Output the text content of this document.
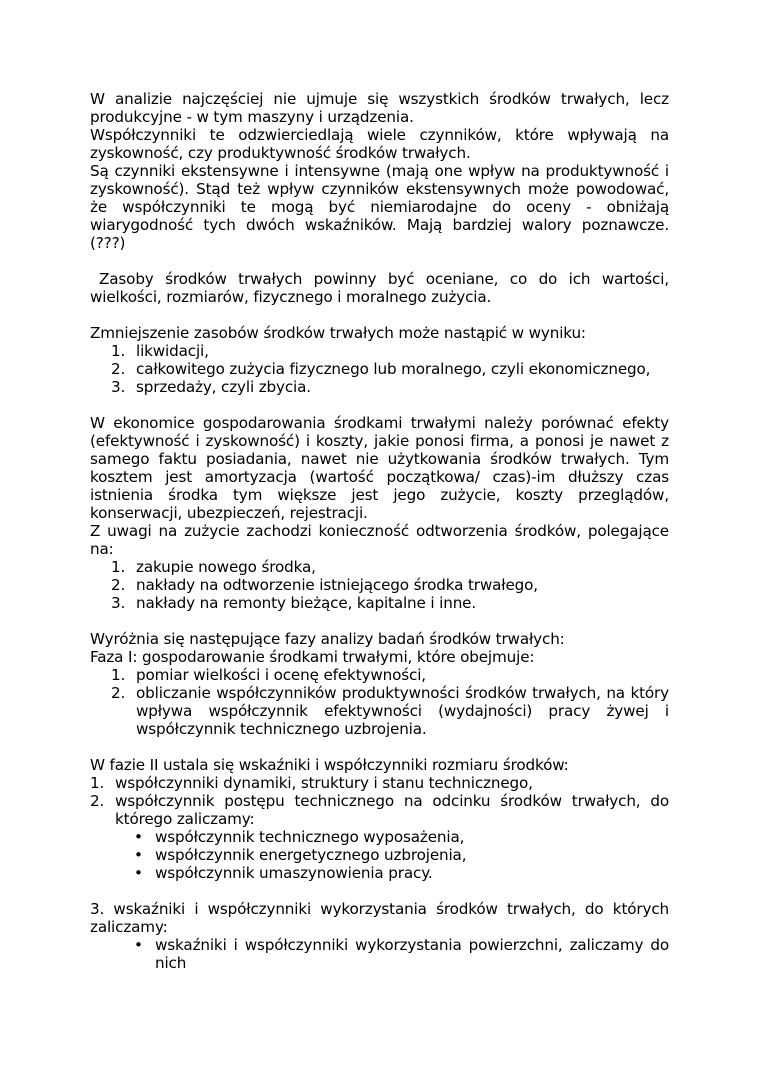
W analizie najczęściej nie ujmuje się wszystkich środków trwałych, lecz produkcyjne - w tym maszyny i urządzenia.

Współczynniki te odzwierciedlają wiele czynników, które wpływają na zyskowność, czy produktywność środków trwałych.

Są czynniki ekstensywne i intensywne (mają one wpływ na produktywność i zyskowność). Stąd też wpływ czynników ekstensywnych może powodować, że współczynniki te mogą być niemiarodajne do oceny - obniżają wiarygodność tych dwóch wskaźników. Mają bardziej walory poznawcze. (???)

Zasoby środków trwałych powinny być oceniane, co do ich wartości, wielkości, rozmiarów, fizycznego i moralnego zużycia.

Zmniejszenie zasobów środków trwałych może nastąpić w wyniku:

1. likwidacji,
2. całkowitego zużycia fizycznego lub moralnego, czyli ekonomicznego,
3. sprzedaży, czyli zbycia.

W ekonomice gospodarowania środkami trwałymi należy porównać efekty (efektywność i zyskowność) i koszty, jakie ponosi firma, a ponosi je nawet z samego faktu posiadania, nawet nie użytkowania środków trwałych. Tym kosztem jest amortyzacja (wartość początkowa/ czas)-im dłuższy czas istnienia środka tym większe jest jego zużycie, koszty przeglądów, konserwacji, ubezpieczeń, rejestracji.

Z uwagi na zużycie zachodzi konieczność odtworzenia środków, polegające na:

1. zakupie nowego środka,
2. nakłady na odtworzenie istniejącego środka trwałego,
3. nakłady na remonty bieżące, kapitalne i inne.

Wyróżnia się następujące fazy analizy badań środków trwałych:

Faza I: gospodarowanie środkami trwałymi, które obejmuje:

1. pomiar wielkości i ocenę efektywności,
2. obliczanie współczynników produktywności środków trwałych, na który wpływa współczynnik efektywności (wydajności) pracy żywej i współczynnik technicznego uzbrojenia.

W fazie II ustala się wskaźniki i współczynniki rozmiaru środków:

1. współczynniki dynamiki, struktury i stanu technicznego,
2. współczynnik postępu technicznego na odcinku środków trwałych, do którego zaliczamy:
• współczynnik technicznego wyposażenia,
• współczynnik energetycznego uzbrojenia,
• współczynnik umaszynowienia pracy.

3. wskaźniki i współczynniki wykorzystania środków trwałych, do których zaliczamy:

• wskaźniki i współczynniki wykorzystania powierzchni, zaliczamy do nich
